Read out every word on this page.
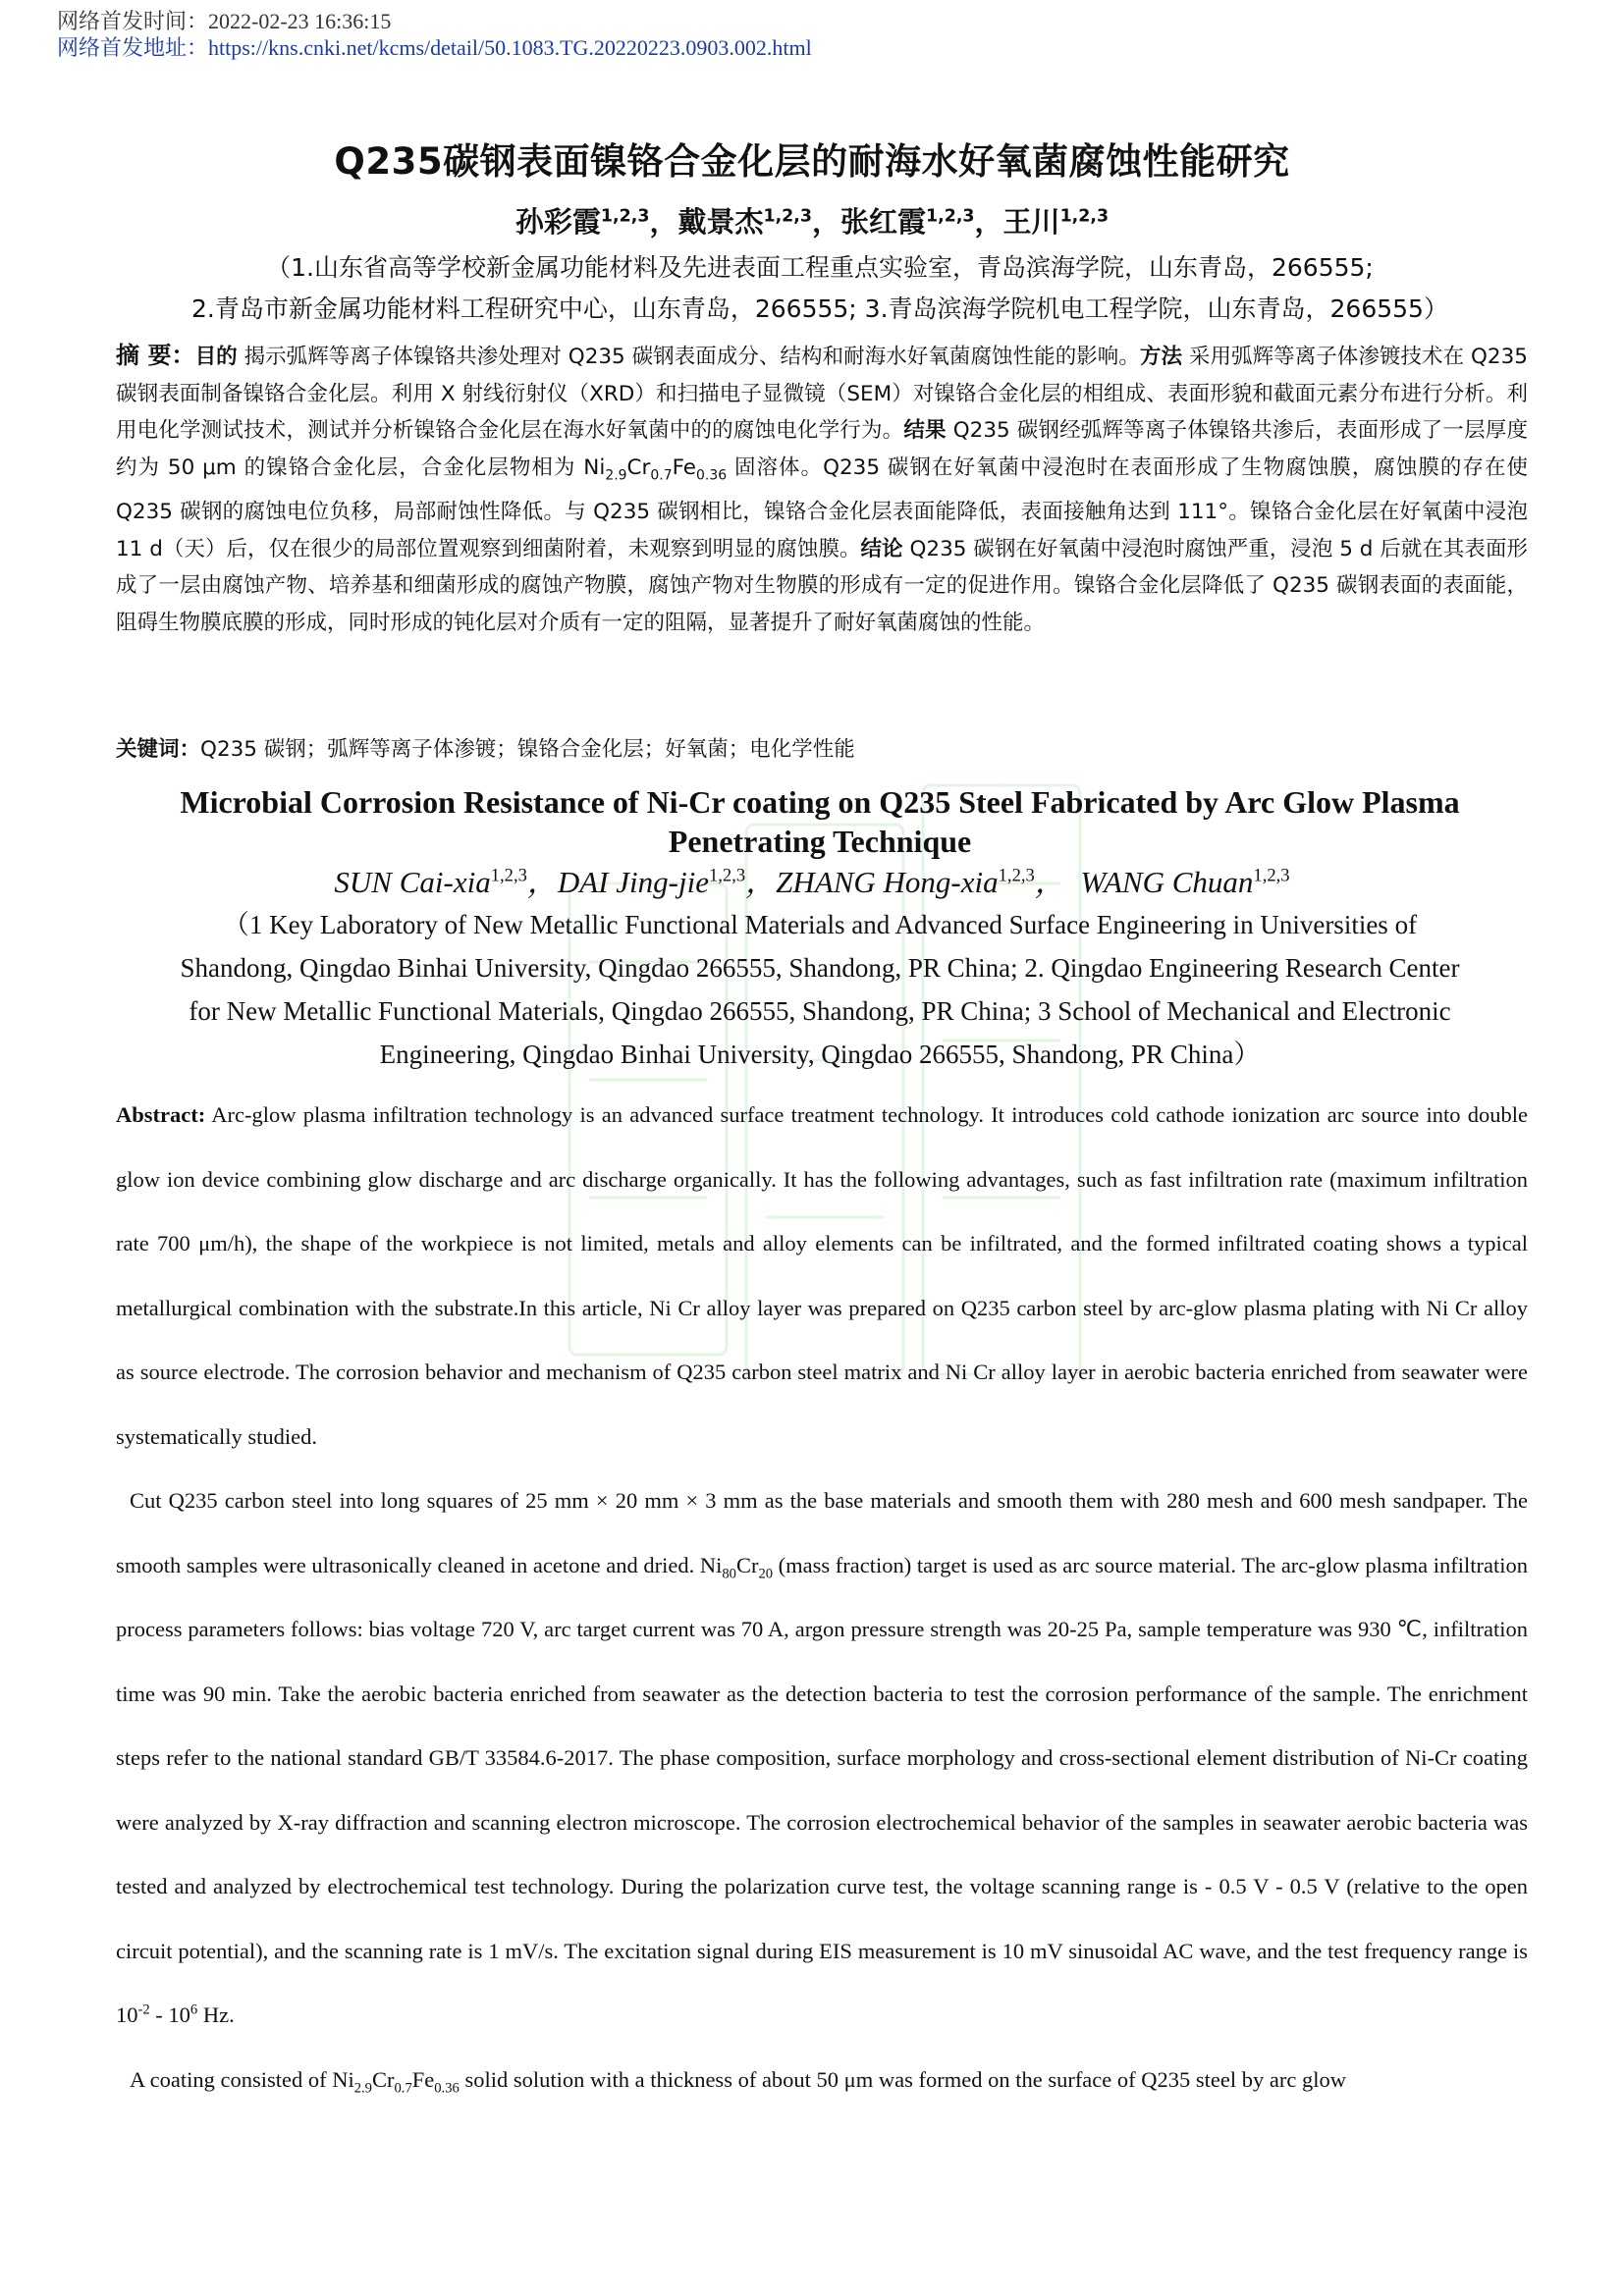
网络首发时间：2022-02-23 16:36:15
网络首发地址：https://kns.cnki.net/kcms/detail/50.1083.TG.20220223.0903.002.html
Q235碳钢表面镍铬合金化层的耐海水好氧菌腐蚀性能研究
孙彩霞$^{1,2,3}$，戴景杰$^{1,2,3}$，张红霞$^{1,2,3}$，王川$^{1,2,3}$
（1.山东省高等学校新金属功能材料及先进表面工程重点实验室，青岛滨海学院，山东青岛，266555;
2.青岛市新金属功能材料工程研究中心，山东青岛，266555; 3.青岛滨海学院机电工程学院，山东青岛，266555）
摘 要：目的 揭示弧辉等离子体镍铬共渗处理对 Q235 碳钢表面成分、结构和耐海水好氧菌腐蚀性能的影响。方法 采用弧辉等离子体渗镀技术在 Q235 碳钢表面制备镍铬合金化层。利用 X 射线衍射仪（XRD）和扫描电子显微镜（SEM）对镍铬合金化层的相组成、表面形貌和截面元素分布进行分析。利用电化学测试技术，测试并分析镍铬合金化层在海水好氧菌中的的腐蚀电化学行为。结果 Q235 碳钢经弧辉等离子体镍铬共渗后，表面形成了一层厚度约为 50 μm 的镍铬合金化层，合金化层物相为 $Ni_{2.9}Cr_{0.7}Fe_{0.36}$ 固溶体。Q235 碳钢在好氧菌中浸泡时在表面形成了生物腐蚀膜，腐蚀膜的存在使 Q235 碳钢的腐蚀电位负移，局部耐蚀性降低。与 Q235 碳钢相比，镍铬合金化层表面能降低，表面接触角达到 111°。镍铬合金化层在好氧菌中浸泡 11 d（天）后，仅在很少的局部位置观察到细菌附着，未观察到明显的腐蚀膜。结论 Q235 碳钢在好氧菌中浸泡时腐蚀严重，浸泡 5 d 后就在其表面形成了一层由腐蚀产物、培养基和细菌形成的腐蚀产物膜，腐蚀产物对生物膜的形成有一定的促进作用。镍铬合金化层降低了 Q235 碳钢表面的表面能，阻碍生物膜底膜的形成，同时形成的钝化层对介质有一定的阻隔，显著提升了耐好氧菌腐蚀的性能。
关键词：Q235 碳钢；弧辉等离子体渗镀；镍铬合金化层；好氧菌；电化学性能
Microbial Corrosion Resistance of Ni-Cr coating on Q235 Steel Fabricated by Arc Glow Plasma
Penetrating Technique
SUN Cai-xia$^{1,2,3}$，DAI Jing-jie$^{1,2,3}$，ZHANG Hong-xia$^{1,2,3}$，  WANG Chuan$^{1,2,3}$
（1 Key Laboratory of New Metallic Functional Materials and Advanced Surface Engineering in Universities of
Shandong, Qingdao Binhai University, Qingdao 266555, Shandong, PR China; 2. Qingdao Engineering Research Center
for New Metallic Functional Materials, Qingdao 266555, Shandong, PR China; 3 School of Mechanical and Electronic
Engineering, Qingdao Binhai University, Qingdao 266555, Shandong, PR China）

Abstract: Arc-glow plasma infiltration technology is an advanced surface treatment technology. It introduces cold cathode ionization arc source into double glow ion device combining glow discharge and arc discharge organically. It has the following advantages, such as fast infiltration rate (maximum infiltration rate 700 μm/h), the shape of the workpiece is not limited, metals and alloy elements can be infiltrated, and the formed infiltrated coating shows a typical metallurgical combination with the substrate.In this article, Ni Cr alloy layer was prepared on Q235 carbon steel by arc-glow plasma plating with Ni Cr alloy as source electrode. The corrosion behavior and mechanism of Q235 carbon steel matrix and Ni Cr alloy layer in aerobic bacteria enriched from seawater were systematically studied.

Cut Q235 carbon steel into long squares of 25 mm × 20 mm × 3 mm as the base materials and smooth them with 280 mesh and 600 mesh sandpaper. The smooth samples were ultrasonically cleaned in acetone and dried. $Ni_{80}Cr_{20}$ (mass fraction) target is used as arc source material. The arc-glow plasma infiltration process parameters follows: bias voltage 720 V, arc target current was 70 A, argon pressure strength was 20-25 Pa, sample temperature was 930 ℃, infiltration time was 90 min. Take the aerobic bacteria enriched from seawater as the detection bacteria to test the corrosion performance of the sample. The enrichment steps refer to the national standard GB/T 33584.6-2017. The phase composition, surface morphology and cross-sectional element distribution of Ni-Cr coating were analyzed by X-ray diffraction and scanning electron microscope. The corrosion electrochemical behavior of the samples in seawater aerobic bacteria was tested and analyzed by electrochemical test technology. During the polarization curve test, the voltage scanning range is - 0.5 V - 0.5 V (relative to the open circuit potential), and the scanning rate is 1 mV/s. The excitation signal during EIS measurement is 10 mV sinusoidal AC wave, and the test frequency range is $10^{-2} - 10^6$ Hz.

A coating consisted of $Ni_{2.9}Cr_{0.7}Fe_{0.36}$ solid solution with a thickness of about 50 μm was formed on the surface of Q235 steel by arc glow
